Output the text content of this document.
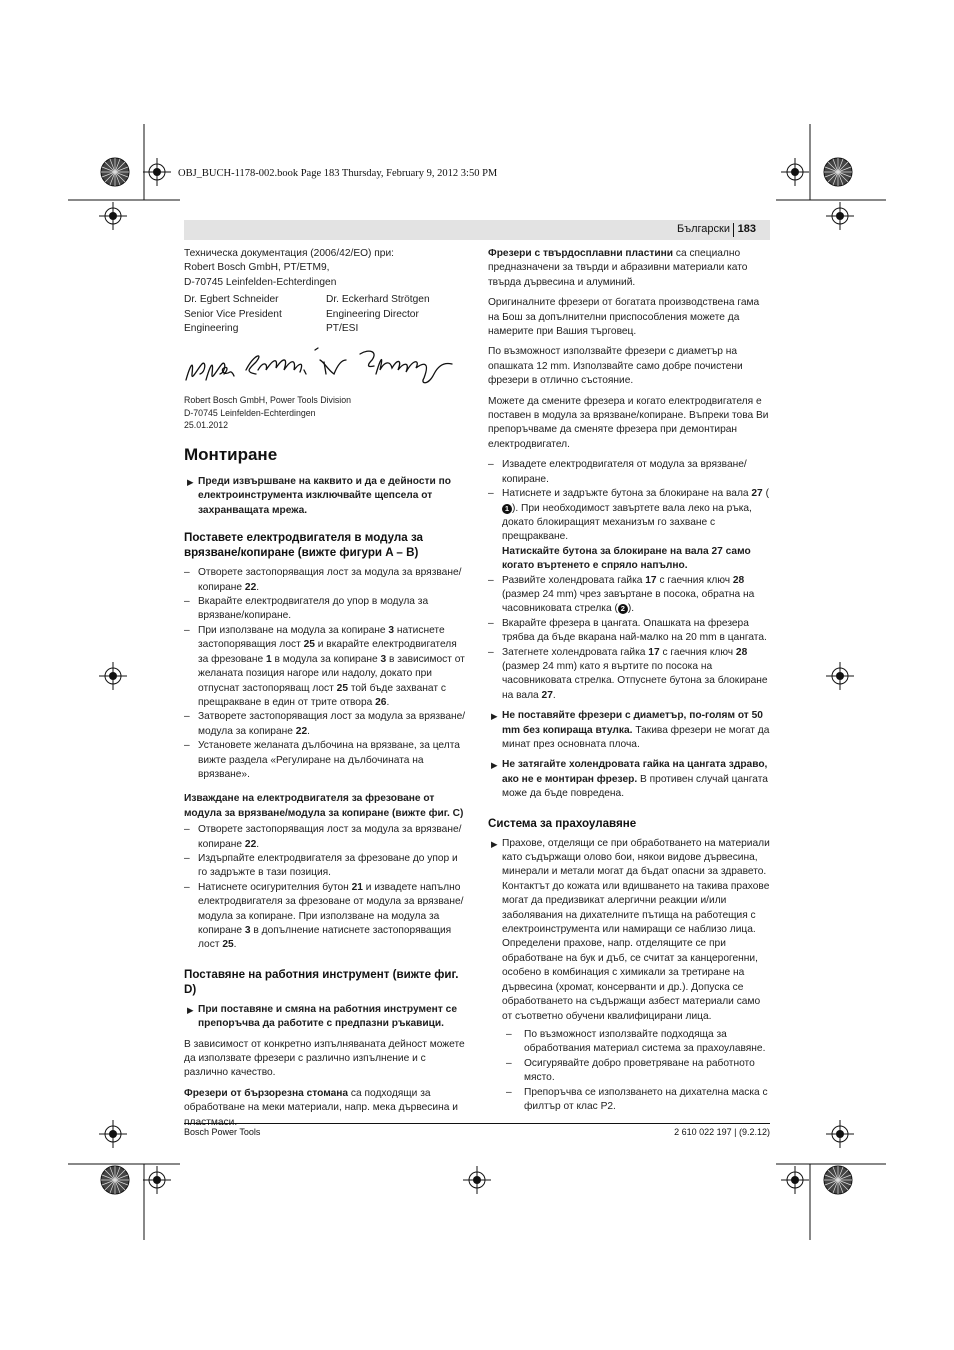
OBJ_BUCH-1178-002.book Page 183 Thursday, February 9, 2012 3:50 PM
Български 183

Техническа документация (2006/42/ЕО) при:
Robert Bosch GmbH, PT/ETM9,
D-70745 Leinfelden-Echterdingen

Dr. Egbert Schneider
Senior Vice President
Engineering
Dr. Eckerhard Strötgen
Engineering Director
PT/ESI

Robert Bosch GmbH, Power Tools Division
D-70745 Leinfelden-Echterdingen
25.01.2012

Монтиране
▶ Преди извършване на каквито и да е дейности по електроинструмента изключвайте щепсела от захранващата мрежа.
Поставете електродвигателя в модула за врязване/копиране (вижте фигури A – B)
– Отворете застопоряващия лост за модула за врязване/копиране 22.
– Вкарайте електродвигателя до упор в модула за врязване/копиране.
– При използване на модула за копиране 3 натиснете застопоряващия лост 25 и вкарайте електродвигателя за фрезоване 1 в модула за копиране 3 в зависимост от желаната позиция нагоре или надолу, докато при отпуснат застопоряващ лост 25 той бъде захванат с прещракване в един от трите отвора 26.
– Затворете застопоряващия лост за модула за врязване/модула за копиране 22.
– Установете желаната дълбочина на врязване, за целта вижте раздела «Регулиране на дълбочината на врязване».
Изваждане на електродвигателя за фрезоване от модула за врязване/модула за копиране (вижте фиг. C)
– Отворете застопоряващия лост за модула за врязване/копиране 22.
– Издърпайте електродвигателя за фрезоване до упор и го задръжте в тази позиция.
– Натиснете осигурителния бутон 21 и извадете напълно електродвигателя за фрезоване от модула за врязване/модула за копиране. При използване на модула за копиране 3 в допълнение натиснете застопоряващия лост 25.
Поставяне на работния инструмент (вижте фиг. D)
▶ При поставяне и смяна на работния инструмент се препоръчва да работите с предпазни ръкавици.

В зависимост от конкретно изпълняваната дейност можете да използвате фрезери с различно изпълнение и с различно качество.

Фрезери от бързорезна стомана са подходящи за обработване на меки материали, напр. мека дървесина и

Фрезери с твърдосплавни пластини са специално предназначени за твърди и абразивни материали като твърда дървесина и алуминий.

Оригиналните фрезери от богатата производствена гама на Бош за допълнителни приспособления можете да намерите при Вашия търговец.

По възможност използвайте фрезери с диаметър на опашката 12 mm. Използвайте само добре почистени фрезери в отлично състояние.

Можете да смените фрезера и когато електродвигателя е поставен в модула за врязване/копиране. Въпреки това Ви препоръчваме да сменяте фрезера при демонтиран електродвигател.

– Извадете електродвигателя от модула за врязване/копиране.
– Натиснете и задръжте бутона за блокиране на вала 27 (1 ). При необходимост завъртете вала леко на ръка, докато блокиращият механизъм го захване с прещракване.
Натискайте бутона за блокиране на вала 27 само когато въртенето е спряло напълно.
– Развийте холендровата гайка 17 с гаечния ключ 28 (размер 24 mm) чрез завъртане в посока, обратна на часовниковата стрелка ( 2 ).
– Вкарайте фрезера в цангата. Опашката на фрезера трябва да бъде вкарана най-малко на 20 mm в цангата.
– Затегнете холендровата гайка 17 с гаечния ключ 28 (размер 24 mm) като я въртите по посока на часовниковата стрелка. Отпуснете бутона за блокиране на вала 27.
▶ Не поставяйте фрезери с диаметър, по-голям от 50 mm без копираща втулка. Такива фрезери не могат да минат през основната плоча.
▶ Не затягайте холендровата гайка на цангата здраво, ако не е монтиран фрезер. В противен случай цангата може да бъде повредена.
Система за прахоулавяне
▶ Прахове, отделящи се при обработването на материали като съдържащи олово бои, някои видове дървесина, минерали и метали могат да бъдат опасни за здравето. Контактът до кожата или вдишването на такива прахове могат да предизвикат алергични реакции и/или заболявания на дихателните пътища на работещия с електроинструмента или намиращи се наблизо лица. Определени прахове, напр. отделящите се при обработване на бук и дъб, се считат за канцерогенни, особено в комбинация с химикали за третиране на дървесина (хромат, консерванти и др.). Допуска се обработването на съдържащи азбест материали само от съответно обучени квалифицирани лица.
– По възможност използвайте подходяща за обработвания материал система за прахоулавяне.
– Осигурявайте добро проветряване на работното място.
– Препоръчва се използването на дихателна маска с филтър от клас P2.
Bosch Power Tools	2 610 022 197 | (9.2.12)
